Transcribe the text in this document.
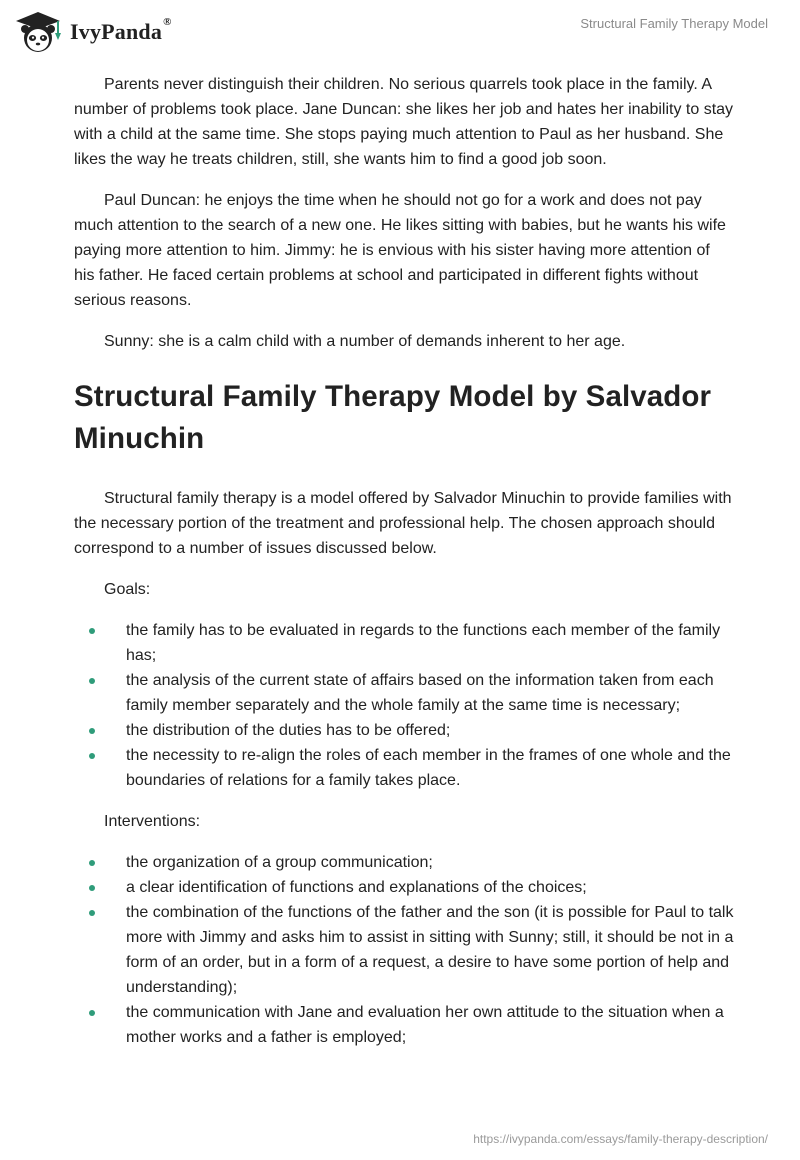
IvyPanda®	Structural Family Therapy Model

Parents never distinguish their children. No serious quarrels took place in the family. A number of problems took place. Jane Duncan: she likes her job and hates her inability to stay with a child at the same time. She stops paying much attention to Paul as her husband. She likes the way he treats children, still, she wants him to find a good job soon.

Paul Duncan: he enjoys the time when he should not go for a work and does not pay much attention to the search of a new one. He likes sitting with babies, but he wants his wife paying more attention to him. Jimmy: he is envious with his sister having more attention of his father. He faced certain problems at school and participated in different fights without serious reasons.

Sunny: she is a calm child with a number of demands inherent to her age.

Structural Family Therapy Model by Salvador Minuchin

Structural family therapy is a model offered by Salvador Minuchin to provide families with the necessary portion of the treatment and professional help. The chosen approach should correspond to a number of issues discussed below.

Goals:

the family has to be evaluated in regards to the functions each member of the family has;
the analysis of the current state of affairs based on the information taken from each family member separately and the whole family at the same time is necessary;
the distribution of the duties has to be offered;
the necessity to re-align the roles of each member in the frames of one whole and the boundaries of relations for a family takes place.

Interventions:

the organization of a group communication;
a clear identification of functions and explanations of the choices;
the combination of the functions of the father and the son (it is possible for Paul to talk more with Jimmy and asks him to assist in sitting with Sunny; still, it should be not in a form of an order, but in a form of a request, a desire to have some portion of help and understanding);
the communication with Jane and evaluation her own attitude to the situation when a mother works and a father is employed;
https://ivypanda.com/essays/family-therapy-description/
